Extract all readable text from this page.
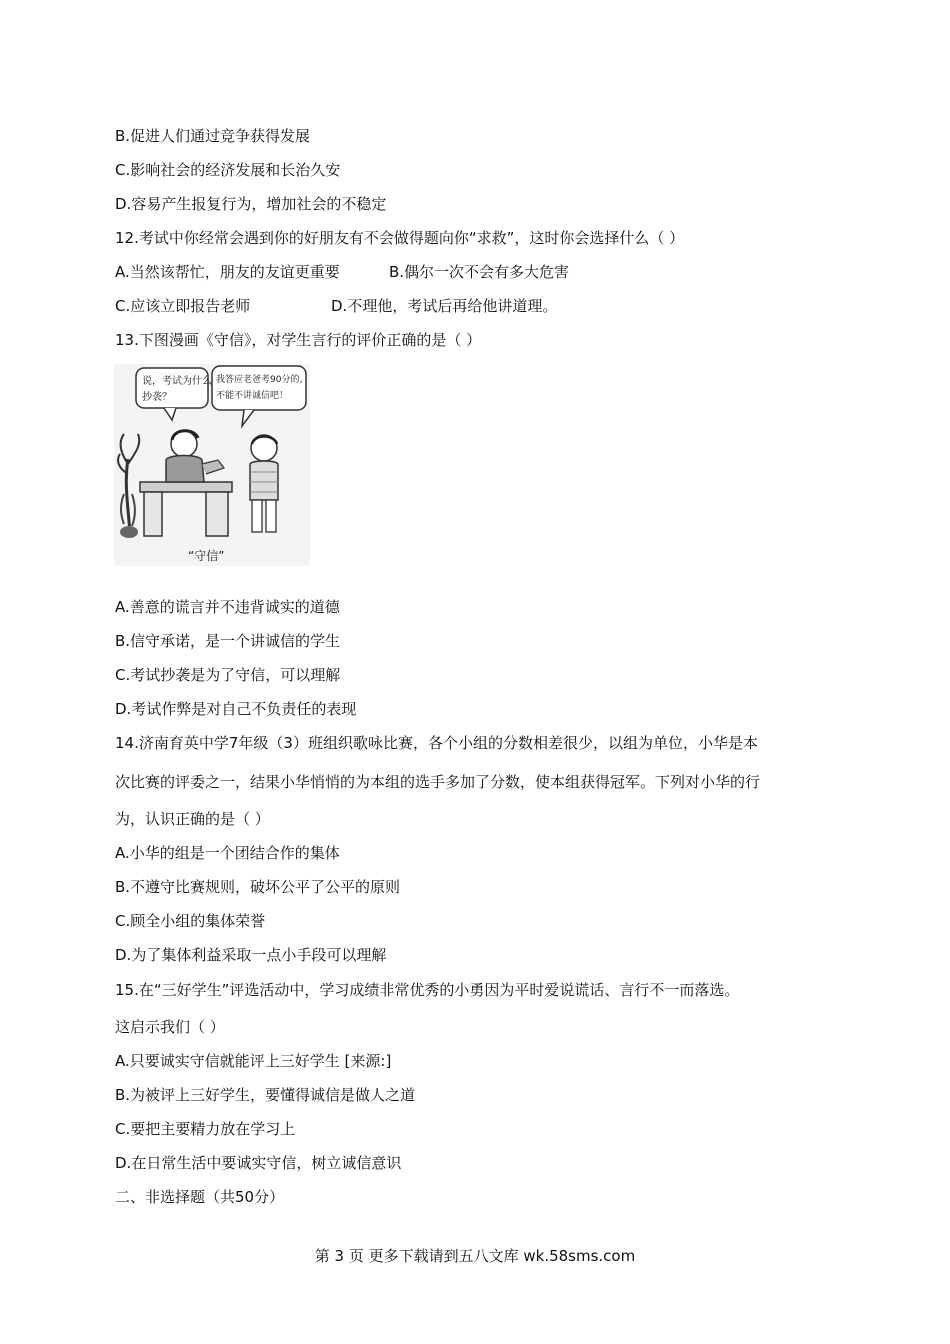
B.促进人们通过竞争获得发展
C.影响社会的经济发展和长治久安
D.容易产生报复行为，增加社会的不稳定
12.考试中你经常会遇到你的好朋友有不会做得题向你“求救”，这时你会选择什么（ ）
A.当然该帮忙，朋友的友谊更重要	B.偶尔一次不会有多大危害
C.应该立即报告老师	D.不理他，考试后再给他讲道理。
13.下图漫画《守信》，对学生言行的评价正确的是（ ）
说，考试为什么
抄袭？
我答应老爸考90分的，
不能不讲诚信吧！
“守信”
A.善意的谎言并不违背诚实的道德
B.信守承诺，是一个讲诚信的学生
C.考试抄袭是为了守信，可以理解
D.考试作弊是对自己不负责任的表现
14.济南育英中学7年级（3）班组织歌咏比赛，各个小组的分数相差很少，以组为单位，小华是本
次比赛的评委之一，结果小华悄悄的为本组的选手多加了分数，使本组获得冠军。下列对小华的行
为，认识正确的是（ ）
A.小华的组是一个团结合作的集体
B.不遵守比赛规则，破坏公平了公平的原则
C.顾全小组的集体荣誉
D.为了集体利益采取一点小手段可以理解
15.在“三好学生”评选活动中，学习成绩非常优秀的小勇因为平时爱说谎话、言行不一而落选。
这启示我们（ ）
A.只要诚实守信就能评上三好学生 [来源:]
B.为被评上三好学生，要懂得诚信是做人之道
C.要把主要精力放在学习上
D.在日常生活中要诚实守信，树立诚信意识
二、非选择题（共50分）
第 3 页 更多下载请到五八文库 wk.58sms.com
